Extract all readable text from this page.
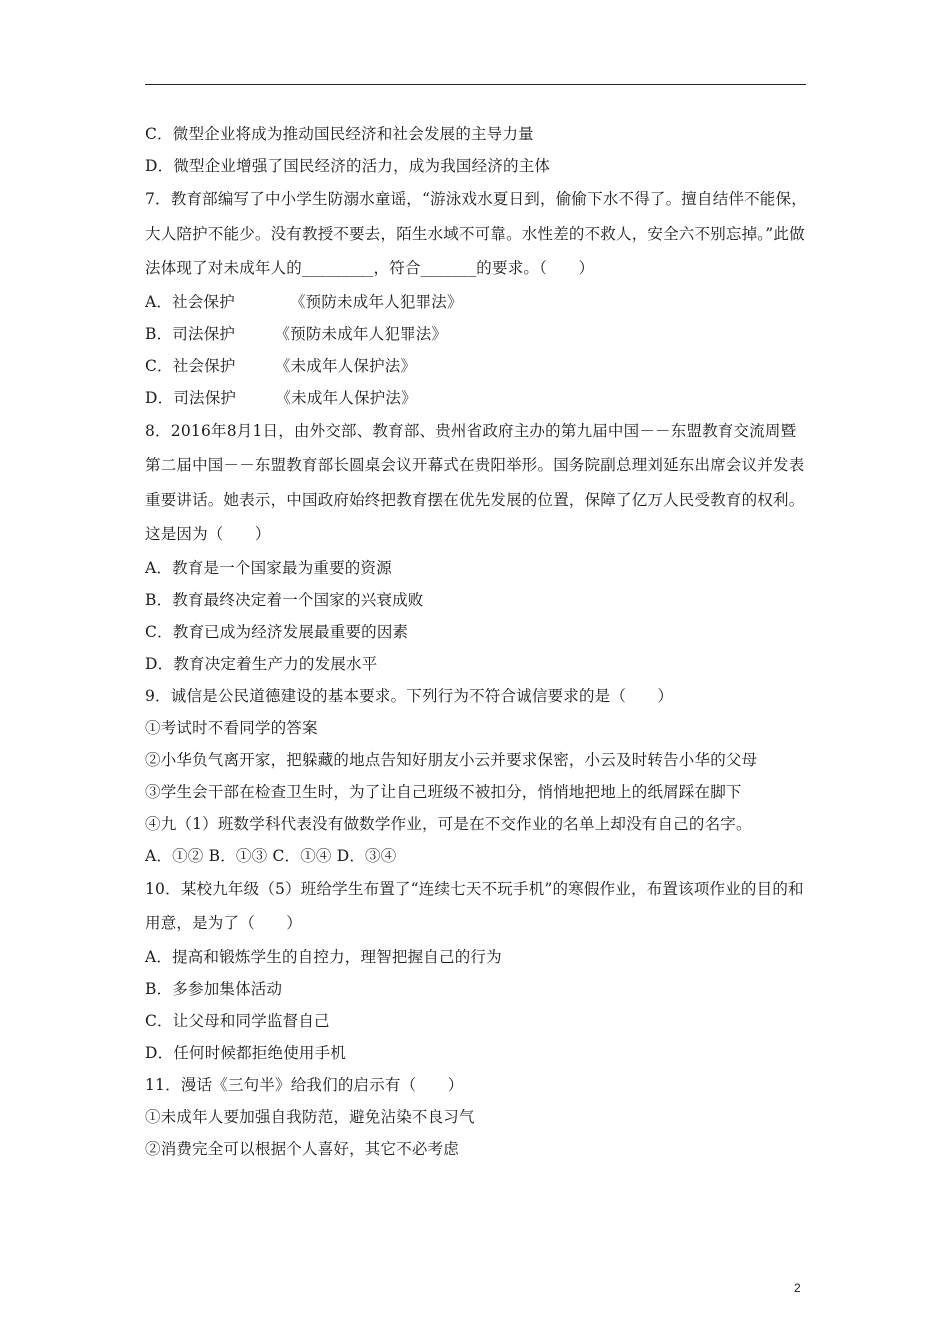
C．微型企业将成为推动国民经济和社会发展的主导力量

D．微型企业增强了国民经济的活力，成为我国经济的主体

7．教育部编写了中小学生防溺水童谣，“游泳戏水夏日到，偷偷下水不得了。擅自结伴不能保，大人陪护不能少。没有教授不要去，陌生水域不可靠。水性差的不救人，安全六不别忘掉。”此做法体现了对未成年人的_________，符合_______的要求。（　　）

A．社会保护　　　　《预防未成年人犯罪法》

B．司法保护　　　《预防未成年人犯罪法》

C．社会保护　　　《未成年人保护法》

D．司法保护　　　《未成年人保护法》

8．2016年8月1日，由外交部、教育部、贵州省政府主办的第九届中国－－东盟教育交流周暨第二届中国－－东盟教育部长圆桌会议开幕式在贵阳举形。国务院副总理刘延东出席会议并发表重要讲话。她表示，中国政府始终把教育摆在优先发展的位置，保障了亿万人民受教育的权利。这是因为（　　）

A．教育是一个国家最为重要的资源

B．教育最终决定着一个国家的兴衰成败

C．教育已成为经济发展最重要的因素

D．教育决定着生产力的发展水平

9．诚信是公民道德建设的基本要求。下列行为不符合诚信要求的是（　　）

①考试时不看同学的答案

②小华负气离开家，把躲藏的地点告知好朋友小云并要求保密，小云及时转告小华的父母

③学生会干部在检查卫生时，为了让自己班级不被扣分，悄悄地把地上的纸屑踩在脚下

④九（1）班数学科代表没有做数学作业，可是在不交作业的名单上却没有自己的名字。

A．①② B．①③ C．①④ D．③④

10．某校九年级（5）班给学生布置了“连续七天不玩手机”的寒假作业，布置该项作业的目的和用意，是为了（　　）

A．提高和锻炼学生的自控力，理智把握自己的行为

B．多参加集体活动

C．让父母和同学监督自己

D．任何时候都拒绝使用手机

11．漫话《三句半》给我们的启示有（　　）

①未成年人要加强自我防范，避免沾染不良习气

②消费完全可以根据个人喜好，其它不必考虑

2
